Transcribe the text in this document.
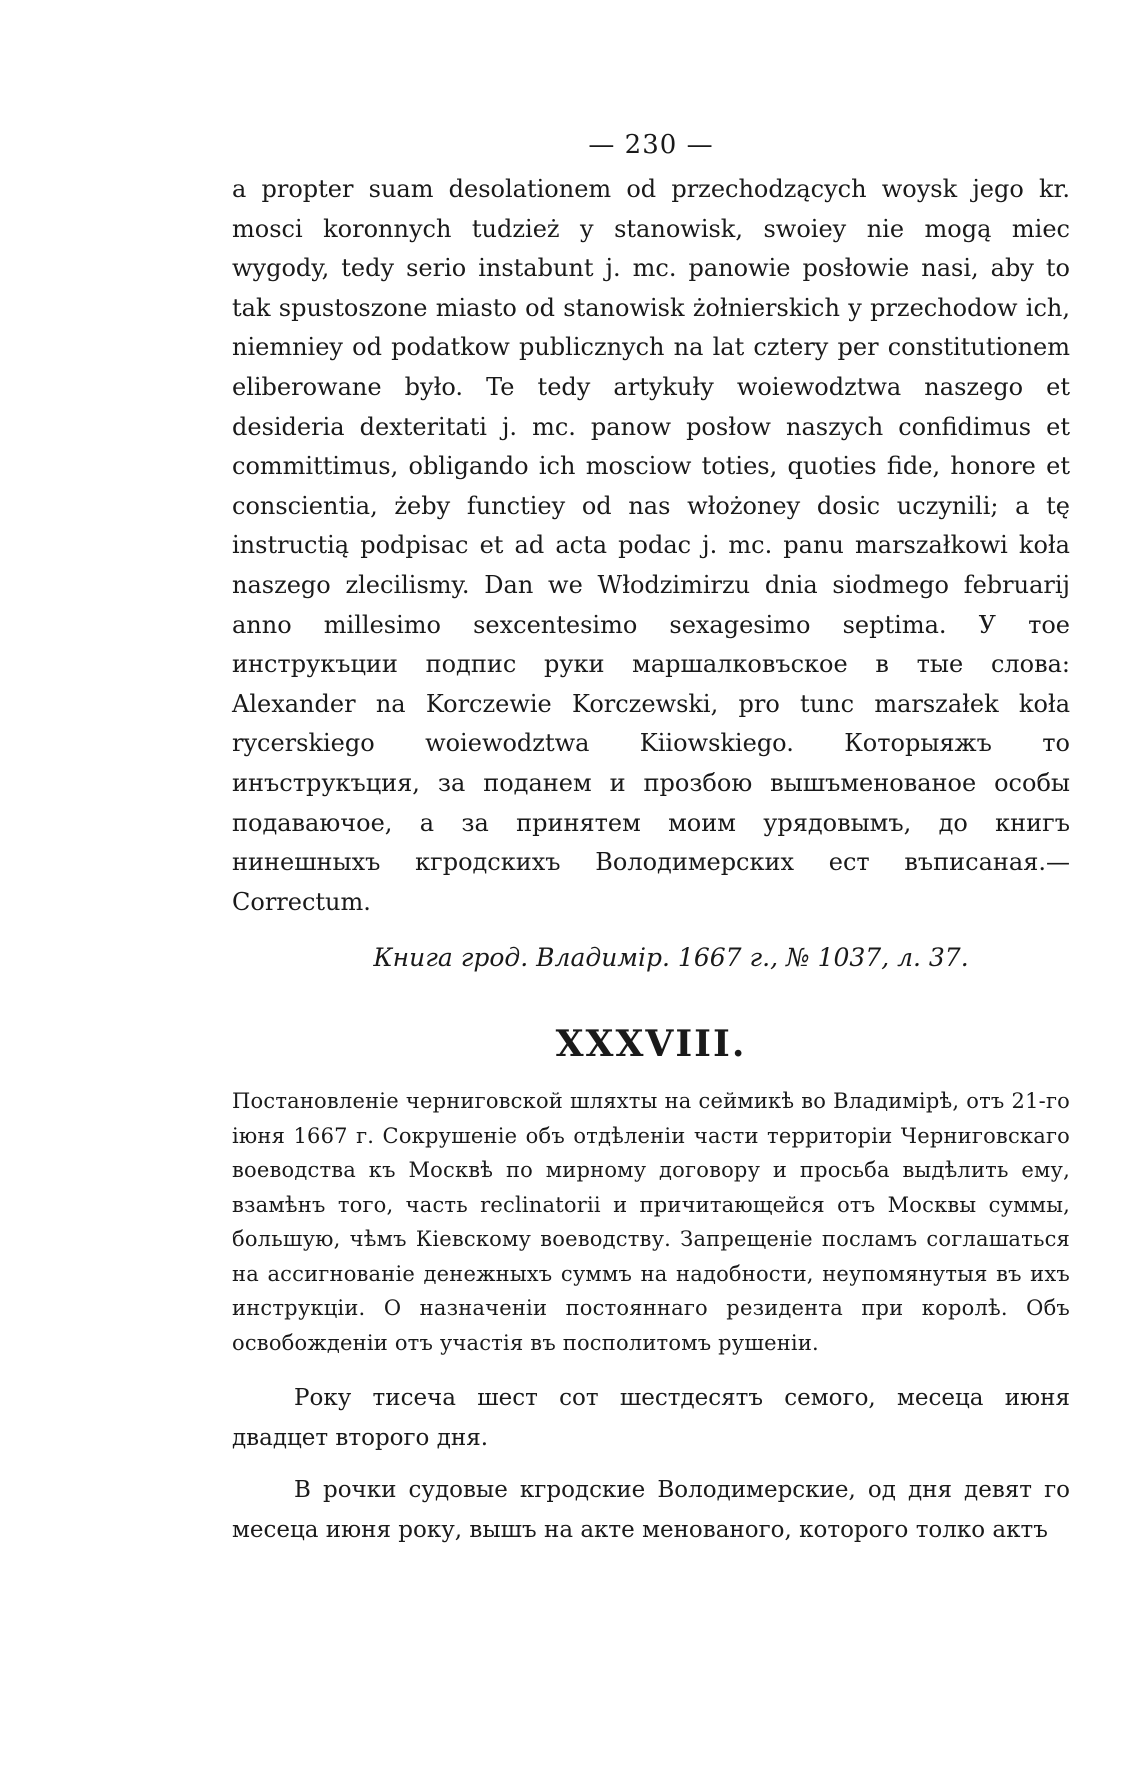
— 230 —

a propter suam desolationem od przechodzących woysk jego kr. mosci koronnych tudzież y stanowisk, swoiey nie mogą miec wygody, tedy serio instabunt j. mc. panowie posłowie nasi, aby to tak spustoszone miasto od stanowisk żołnierskich y przechodow ich, niemniey od podatkow publicznych na lat cztery per constitutionem eliberowane było. Te tedy artykuły woiewodztwa naszego et desideria dexteritati j. mc. panow posłow naszych confidimus et committimus, obligando ich mosciow toties, quoties fide, honore et conscientia, żeby functiey od nas włożoney dosic uczynili; a tę instructią podpisac et ad acta podac j. mc. panu marszałkowi koła naszego zlecilismy. Dan we Włodzimirzu dnia siodmego februarij anno millesimo sexcentesimo sexagesimo septima. У тое инструкъции подпис руки маршалковъское в тые слова: Alexander na Korczewie Korczewski, pro tunc marszałek koła rycerskiego woiewodztwa Kiiowskiego. Которыяжъ то инъструкъция, за поданем и прозбою вышъменованое особы подаваючое, а за принятем моим урядовымъ, до книгъ нинешныхъ кгродскихъ Володимерских ест въписаная.— Correctum.

Книга грод. Владимір. 1667 г., № 1037, л. 37.

XXXVIII.

Постановленіе черниговской шляхты на сеймикѣ во Владимірѣ, отъ 21-го іюня 1667 г. Сокрушеніе объ отдѣленіи части территоріи Черниговскаго воеводства къ Москвѣ по мирному договору и просьба выдѣлить ему, взамѣнъ того, часть reclinatorii и причитающейся отъ Москвы суммы, большую, чѣмъ Кіевскому воеводству. Запрещеніе посламъ соглашаться на ассигнованіе денежныхъ суммъ на надобности, неупомянутыя въ ихъ инструкціи. О назначеніи постояннаго резидента при королѣ. Объ освобожденіи отъ участія въ посполитомъ рушеніи.

Року тисеча шест сот шестдесятъ семого, месеца июня двадцет второго дня.

В рочки судовые кгродские Володимерские, од дня девят го месеца июня року, вышъ на акте менованого, которого толко актъ
